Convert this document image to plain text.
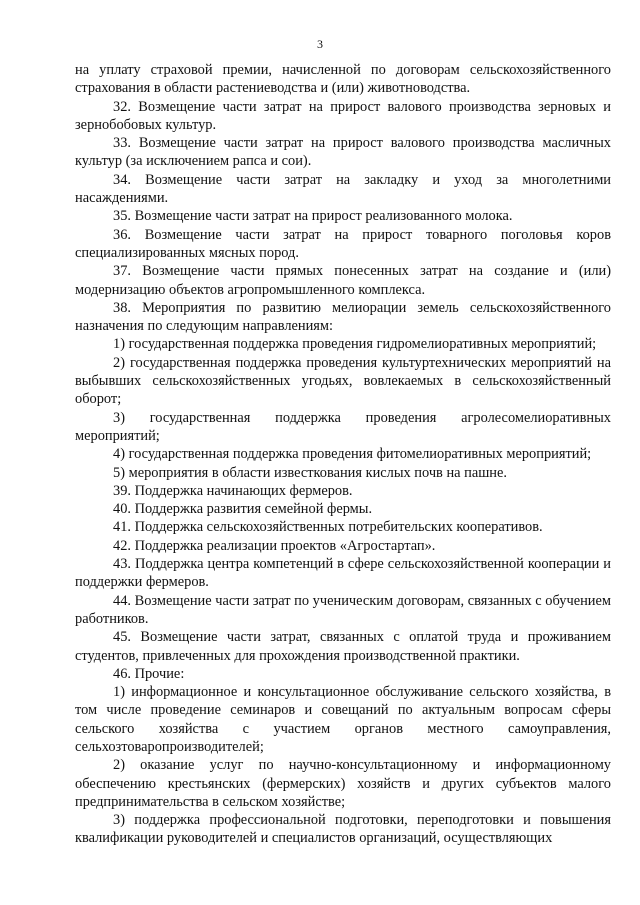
3

на уплату страховой премии, начисленной по договорам сельскохозяйственного страхования в области растениеводства и (или) животноводства.

32. Возмещение части затрат на прирост валового производства зерновых и зернобобовых культур.

33. Возмещение части затрат на прирост валового производства масличных культур (за исключением рапса и сои).

34. Возмещение части затрат на закладку и уход за многолетними насаждениями.

35. Возмещение части затрат на прирост реализованного молока.

36. Возмещение части затрат на прирост товарного поголовья коров специализированных мясных пород.

37. Возмещение части прямых понесенных затрат на создание и (или) модернизацию объектов агропромышленного комплекса.

38. Мероприятия по развитию мелиорации земель сельскохозяйственного назначения по следующим направлениям:

1) государственная поддержка проведения гидромелиоративных мероприятий;

2) государственная поддержка проведения культуртехнических мероприятий на выбывших сельскохозяйственных угодьях, вовлекаемых в сельскохозяйственный оборот;

3) государственная поддержка проведения агролесомелиоративных мероприятий;

4) государственная поддержка проведения фитомелиоративных мероприятий;

5) мероприятия в области известкования кислых почв на пашне.

39. Поддержка начинающих фермеров.

40. Поддержка развития семейной фермы.

41. Поддержка сельскохозяйственных потребительских кооперативов.

42. Поддержка реализации проектов «Агростартап».

43. Поддержка центра компетенций в сфере сельскохозяйственной кооперации и поддержки фермеров.

44. Возмещение части затрат по ученическим договорам, связанных с обучением работников.

45. Возмещение части затрат, связанных с оплатой труда и проживанием студентов, привлеченных для прохождения производственной практики.

46. Прочие:

1) информационное и консультационное обслуживание сельского хозяйства, в том числе проведение семинаров и совещаний по актуальным вопросам сферы сельского хозяйства с участием органов местного самоуправления, сельхозтоваропроизводителей;

2) оказание услуг по научно-консультационному и информационному обеспечению крестьянских (фермерских) хозяйств и других субъектов малого предпринимательства в сельском хозяйстве;

3) поддержка профессиональной подготовки, переподготовки и повышения квалификации руководителей и специалистов организаций, осуществляющих
